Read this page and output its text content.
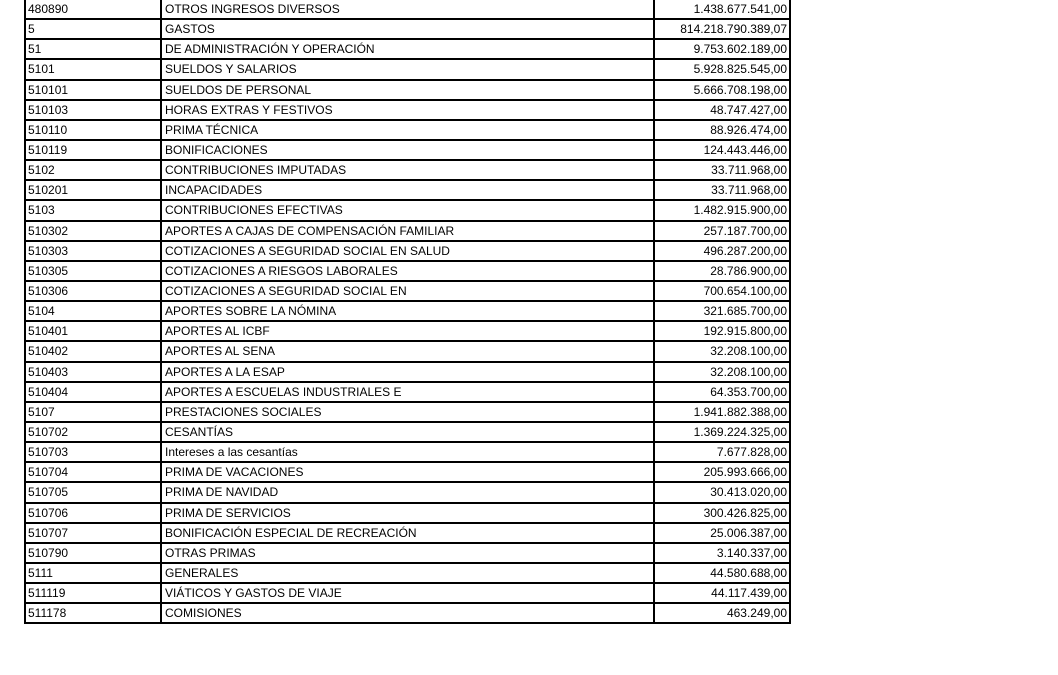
480890	OTROS INGRESOS DIVERSOS	1.438.677.541,00
5	GASTOS	814.218.790.389,07
51	DE ADMINISTRACIÓN Y OPERACIÓN	9.753.602.189,00
5101	SUELDOS Y SALARIOS	5.928.825.545,00
510101	SUELDOS DE PERSONAL	5.666.708.198,00
510103	HORAS EXTRAS Y FESTIVOS	48.747.427,00
510110	PRIMA TÉCNICA	88.926.474,00
510119	BONIFICACIONES	124.443.446,00
5102	CONTRIBUCIONES IMPUTADAS	33.711.968,00
510201	INCAPACIDADES	33.711.968,00
5103	CONTRIBUCIONES EFECTIVAS	1.482.915.900,00
510302	APORTES A CAJAS DE COMPENSACIÓN FAMILIAR	257.187.700,00
510303	COTIZACIONES A SEGURIDAD SOCIAL EN SALUD	496.287.200,00
510305	COTIZACIONES A RIESGOS LABORALES	28.786.900,00
510306	COTIZACIONES A SEGURIDAD SOCIAL EN	700.654.100,00
5104	APORTES SOBRE LA NÓMINA	321.685.700,00
510401	APORTES AL ICBF	192.915.800,00
510402	APORTES AL SENA	32.208.100,00
510403	APORTES A LA ESAP	32.208.100,00
510404	APORTES A ESCUELAS INDUSTRIALES E	64.353.700,00
5107	PRESTACIONES SOCIALES	1.941.882.388,00
510702	CESANTÍAS	1.369.224.325,00
510703	Intereses a las cesantías	7.677.828,00
510704	PRIMA DE VACACIONES	205.993.666,00
510705	PRIMA DE NAVIDAD	30.413.020,00
510706	PRIMA DE SERVICIOS	300.426.825,00
510707	BONIFICACIÓN ESPECIAL DE RECREACIÓN	25.006.387,00
510790	OTRAS PRIMAS	3.140.337,00
5111	GENERALES	44.580.688,00
511119	VIÁTICOS Y GASTOS DE VIAJE	44.117.439,00
511178	COMISIONES	463.249,00
